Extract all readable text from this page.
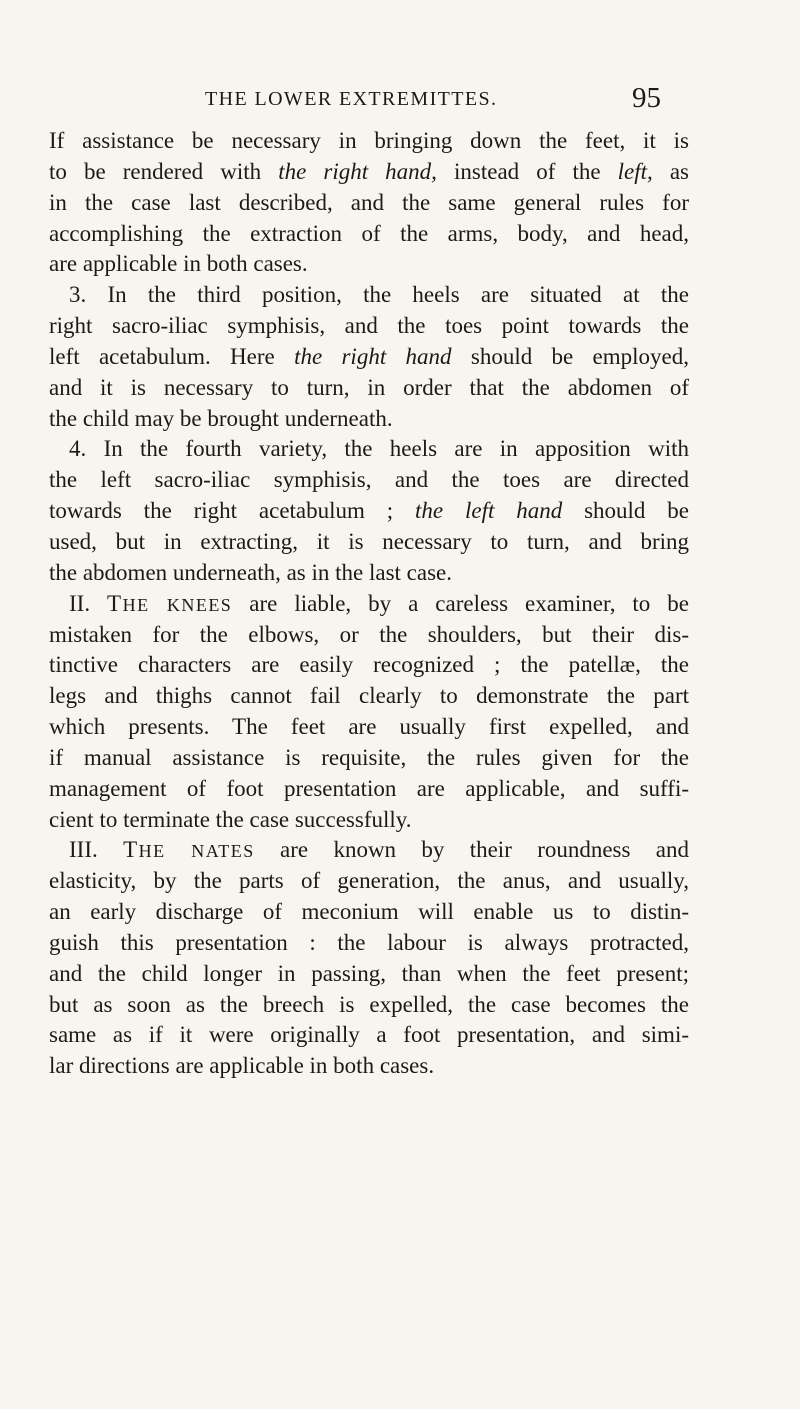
THE LOWER EXTREMITTES.	95
If assistance be necessary in bringing down the feet, it is
to be rendered with the right hand, instead of the left, as
in the case last described, and the same general rules for
accomplishing the extraction of the arms, body, and head,
are applicable in both cases.
3. In the third position, the heels are situated at the
right sacro-iliac symphisis, and the toes point towards the
left acetabulum. Here the right hand should be employed,
and it is necessary to turn, in order that the abdomen of
the child may be brought underneath.
4. In the fourth variety, the heels are in apposition with
the left sacro-iliac symphisis, and the toes are directed
towards the right acetabulum ; the left hand should be
used, but in extracting, it is necessary to turn, and bring
the abdomen underneath, as in the last case.
II. THE KNEES are liable, by a careless examiner, to be
mistaken for the elbows, or the shoulders, but their dis-
tinctive characters are easily recognized ; the patellæ, the
legs and thighs cannot fail clearly to demonstrate the part
which presents. The feet are usually first expelled, and
if manual assistance is requisite, the rules given for the
management of foot presentation are applicable, and suffi-
cient to terminate the case successfully.
III. THE NATES are known by their roundness and
elasticity, by the parts of generation, the anus, and usually,
an early discharge of meconium will enable us to distin-
guish this presentation : the labour is always protracted,
and the child longer in passing, than when the feet present;
but as soon as the breech is expelled, the case becomes the
same as if it were originally a foot presentation, and simi-
lar directions are applicable in both cases.
